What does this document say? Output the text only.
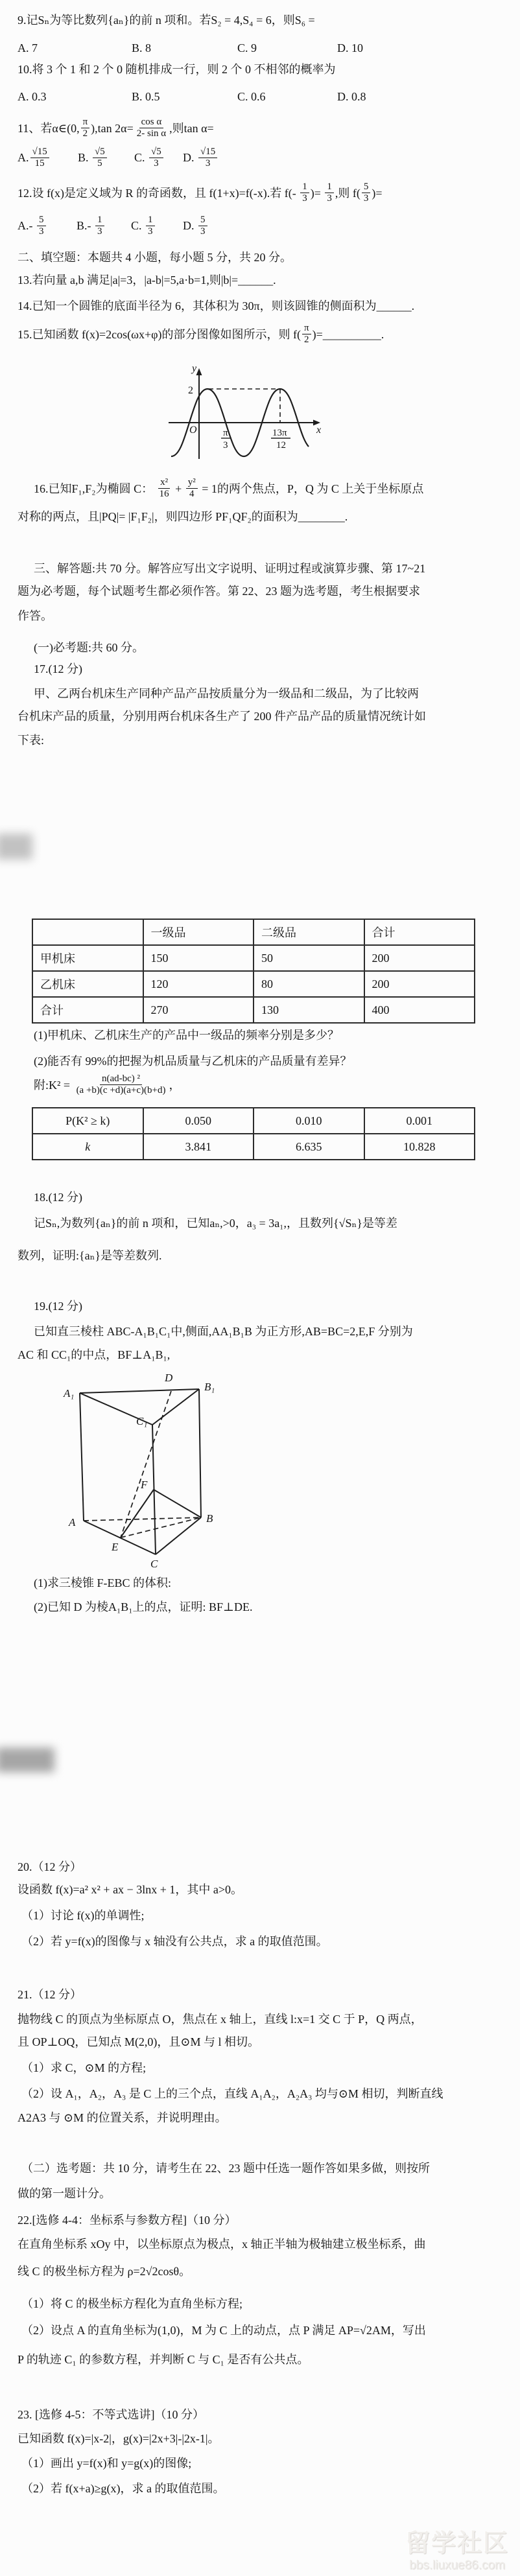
9.记Sₙ为等比数列{aₙ}的前 n 项和。若S₂ = 4,S₄ = 6，则S₆ =
A. 7	B. 8	C. 9	D. 10
10.将 3 个 1 和 2 个 0 随机排成一行，则 2 个 0 不相邻的概率为
A. 0.3	B. 0.5	C. 0.6	D. 0.8
11、若α∈(0, $\frac{\pi}{2} ),\tan$ $2\alpha= \frac{\text{cos α}}{\text{2- sin α}}$ ,则tan α=
A. $\frac{√15}{15} B$. $\frac{√5}{5} C$. $\frac{√5}{3} D$. $\frac{√15}{3}$
12.设 f(x)是定义域为 R 的奇函数，且 f(1+x)=f(-x).若 $f(- \frac{1}{3}$ )= $\frac{1}{3}$ ,则 $f( \frac{5}{3}$ )=
$A.- \frac{5}{3}$	$B.- \frac{1}{3} C$. $\frac{1}{3} D$. $\frac{5}{3}$
二、填空题：本题共 4 小题，每小题 5 分，共 20 分。
13.若向量 a,b 满足|a|=3，|a-b|=5,a·b=1,则|b|=______.
14.已知一个圆锥的底面半径为 6，其体积为 30π，则该圆锥的侧面积为______.
15.已知函数 f(x)=2cos(ωx+φ)的部分图像如图所示，则 $f( \frac{\pi}{2}$ )=__________.
y
2
O	x
π
3
13π
12
16.已知F₁,F₂为椭圆 C： $\frac{\text{x²}}{16} + \frac{\text{y²}}{4} = 1$的两个焦点，P，Q 为 C 上关于坐标原点
对称的两点，且|PQ|= |F₁F₂|，则四边形 PF₁QF₂的面积为________.
三、解答题:共 70 分。解答应写出文字说明、证明过程或演算步骤、第 17~21
题为必考题，每个试题考生都必须作答。第 22、23 题为选考题，考生根据要求
作答。
(一)必考题:共 60 分。
17.(12 分)
甲、乙两台机床生产同种产品产品按质量分为一级品和二级品，为了比较两
台机床产品的质量，分别用两台机床各生产了 200 件产品产品的质量情况统计如
下表:
	一级品	二级品	合计
甲机床	150	50	200
乙机床	120	80	200
合计	270	130	400
(1)甲机床、乙机床生产的产品中一级品的频率分别是多少？
(2)能否有 99%的把握为机品质量与乙机床的产品质量有差异？
附:K² = $\frac{\text{n(ad-bc) ²}}{(a +b)(c +d)(a+c)(b+d)}$ ，
P(K² ≥ k)	0.050	0.010	0.001
k	3.841	6.635	10.828
18.(12 分)
记Sₙ,为数列{aₙ}的前 n 项和，已知aₙ,>0，a₃ = 3a₁,，且数列{√Sₙ}是等差
数列，证明:{aₙ}是等差数列.
19.(12 分)
已知直三棱柱 ABC-A₁B₁C₁中,侧面,AA₁B₁B 为正方形,AB=BC=2,E,F 分别为
AC 和 CC₁的中点，BF⊥A₁B₁,
A₁
D
B₁
C₁
F
A	B
E
C
(1)求三棱锥 F-EBC 的体积:
(2)已知 D 为棱A₁B₁上的点，证明: BF⊥DE.
20.（12 分）
设函数 f(x)=a² x² + ax − 3lnx + 1，其中 a>0。
（1）讨论 f(x)的单调性;
（2）若 y=f(x)的图像与 x 轴没有公共点，求 a 的取值范围。
21.（12 分）
抛物线 C 的顶点为坐标原点 O，焦点在 x 轴上，直线 l:x=1 交 C 于 P，Q 两点，
且 OP⊥OQ，已知点 M(2,0)，且⊙M 与 l 相切。
（1）求 C，⊙M 的方程;
（2）设 A₁，A₂，A₃ 是 C 上的三个点，直线 A₁A₂，A₂A₃ 均与⊙M 相切，判断直线
A2A3 与 ⊙M 的位置关系，并说明理由。
（二）选考题：共 10 分，请考生在 22、23 题中任选一题作答如果多做，则按所
做的第一题计分。
22.[选修 4-4：坐标系与参数方程]（10 分）
在直角坐标系 xOy 中，以坐标原点为极点，x 轴正半轴为极轴建立极坐标系，曲
线 C 的极坐标方程为 ρ=2√2cosθ。
（1）将 C 的极坐标方程化为直角坐标方程;
（2）设点 A 的直角坐标为(1,0)，M 为 C 上的动点，点 P 满足 AP=√2AM，写出
P 的轨迹 C₁ 的参数方程，并判断 C 与 C₁ 是否有公共点。
23. [选修 4-5：不等式选讲]（10 分）
已知函数 f(x)=|x-2|，g(x)=|2x+3|-|2x-1|。
（1）画出 y=f(x)和 y=g(x)的图像;
（2）若 f(x+a)≥g(x)，求 a 的取值范围。
留学社区
bbs.liuxue86.com
